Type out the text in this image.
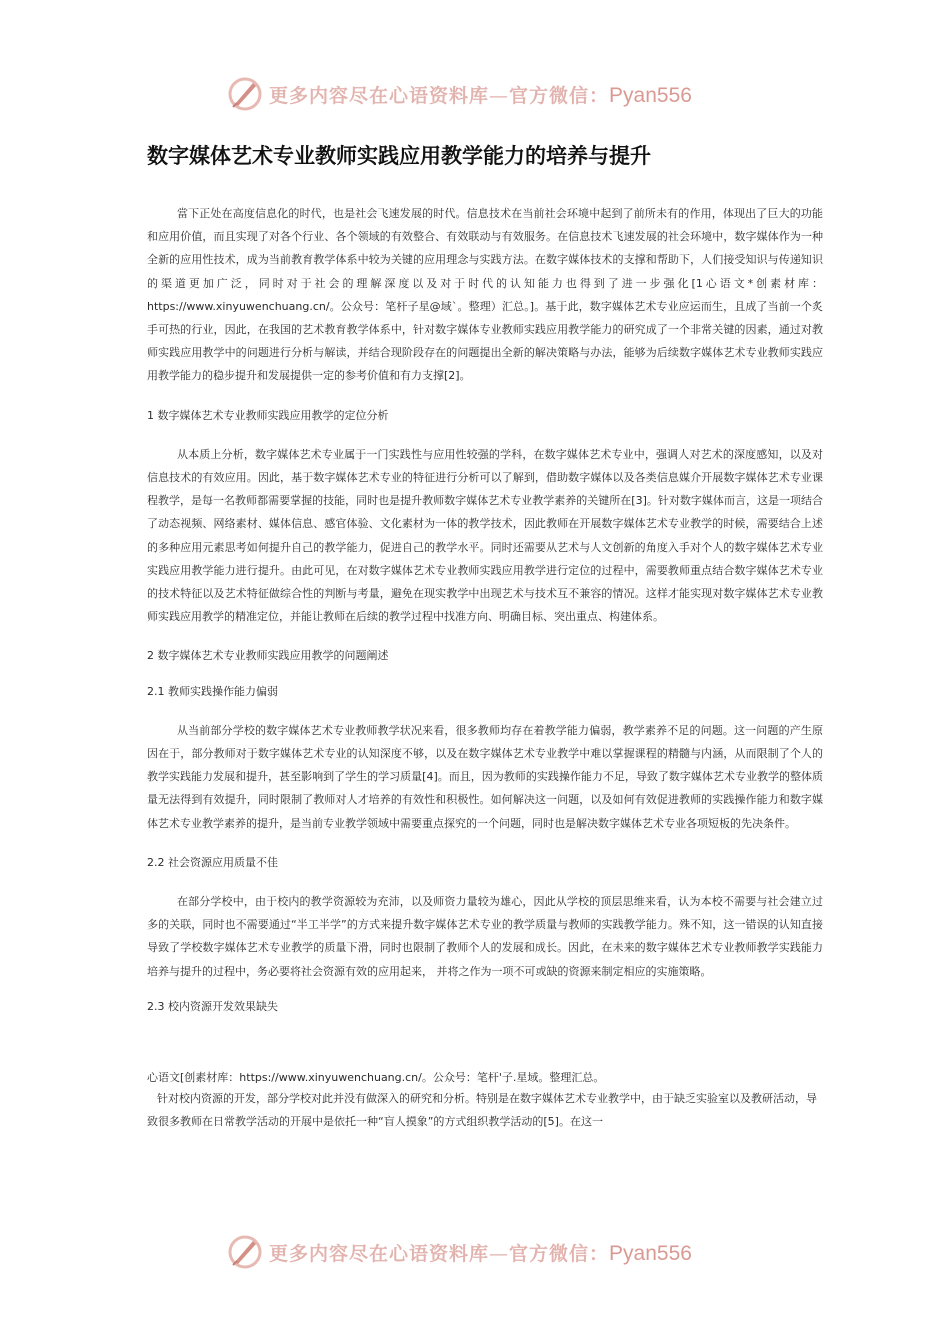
更多内容尽在心语资料库—官方微信：Pyan556
数字媒体艺术专业教师实践应用教学能力的培养与提升

當下正处在高度信息化的时代，也是社会飞速发展的时代。信息技术在当前社会环境中起到了前所未有的作用，体现出了巨大的功能和应用价值，而且实现了对各个行业、各个领域的有效整合、有效联动与有效服务。在信息技术飞速发展的社会环境中，数字媒体作为一种全新的应用性技术，成为当前教育教学体系中较为关键的应用理念与实践方法。在数字媒体技术的支撑和帮助下，人们接受知识与传递知识的渠道更加广泛，同时对于社会的理解深度以及对于时代的认知能力也得到了进一步强化[1心语文*创素材库：https://www.xinyuwenchuang.cn/。公众号：笔杆子星@域`。整理）汇总。]。基于此，数字媒体艺术专业应运而生，且成了当前一个炙手可热的行业，因此，在我国的艺术教育教学体系中，针对数字媒体专业教师实践应用教学能力的研究成了一个非常关键的因素，通过对教师实践应用教学中的问题进行分析与解读，并结合现阶段存在的问题提出全新的解决策略与办法，能够为后续数字媒体艺术专业教师实践应用教学能力的稳步提升和发展提供一定的参考价值和有力支撑[2]。

1 数字媒体艺术专业教师实践应用教学的定位分析

从本质上分析，数字媒体艺术专业属于一门实践性与应用性较强的学科，在数字媒体艺术专业中，强调人对艺术的深度感知，以及对信息技术的有效应用。因此，基于数字媒体艺术专业的特征进行分析可以了解到，借助数字媒体以及各类信息媒介开展数字媒体艺术专业课程教学，是每一名教师都需要掌握的技能，同时也是提升教师数字媒体艺术专业教学素养的关键所在[3]。针对数字媒体而言，这是一项结合了动态视频、网络素材、媒体信息、感官体验、文化素材为一体的教学技术，因此教师在开展数字媒体艺术专业教学的时候，需要结合上述的多种应用元素思考如何提升自己的教学能力，促进自己的教学水平。同时还需要从艺术与人文创新的角度入手对个人的数字媒体艺术专业实践应用教学能力进行提升。由此可见，在对数字媒体艺术专业教师实践应用教学进行定位的过程中，需要教师重点结合数字媒体艺术专业的技术特征以及艺术特征做综合性的判断与考量，避免在现实教学中出现艺术与技术互不兼容的情况。这样才能实现对数字媒体艺术专业教师实践应用教学的精准定位，并能让教师在后续的教学过程中找准方向、明确目标、突出重点、构建体系。

2 数字媒体艺术专业教师实践应用教学的问题阐述

2.1 教师实践操作能力偏弱

从当前部分学校的数字媒体艺术专业教师教学状况来看，很多教师均存在着教学能力偏弱，教学素养不足的问题。这一问题的产生原因在于，部分教师对于数字媒体艺术专业的认知深度不够，以及在数字媒体艺术专业教学中难以掌握课程的精髓与内涵，从而限制了个人的教学实践能力发展和提升，甚至影响到了学生的学习质量[4]。而且，因为教师的实践操作能力不足，导致了数字媒体艺术专业教学的整体质量无法得到有效提升，同时限制了教师对人才培养的有效性和积极性。如何解决这一问题，以及如何有效促进教师的实践操作能力和数字媒体艺术专业教学素养的提升，是当前专业教学领域中需要重点探究的一个问题，同时也是解决数字媒体艺术专业各项短板的先决条件。

2.2 社会资源应用质量不佳

在部分学校中，由于校内的教学资源较为充沛，以及师资力量较为雄心，因此从学校的顶层思维来看，认为本校不需要与社会建立过多的关联，同时也不需要通过“半工半学”的方式来提升数字媒体艺术专业的教学质量与教师的实践教学能力。殊不知，这一错误的认知直接导致了学校数字媒体艺术专业教学的质量下滑，同时也限制了教师个人的发展和成长。因此，在未来的数字媒体艺术专业教师教学实践能力培养与提升的过程中，务必要将社会资源有效的应用起来， 并将之作为一项不可或缺的资源来制定相应的实施策略。

2.3 校内资源开发效果缺失

心语文[创素材库：https://www.xinyuwenchuang.cn/。公众号：笔杆'子.星域。整理汇总。

针对校内资源的开发，部分学校对此并没有做深入的研究和分析。特别是在数字媒体艺术专业教学中，由于缺乏实验室以及教研活动，导致很多教师在日常教学活动的开展中是依托一种“盲人摸象”的方式组织教学活动的[5]。在这一

更多内容尽在心语资料库—官方微信：Pyan556
